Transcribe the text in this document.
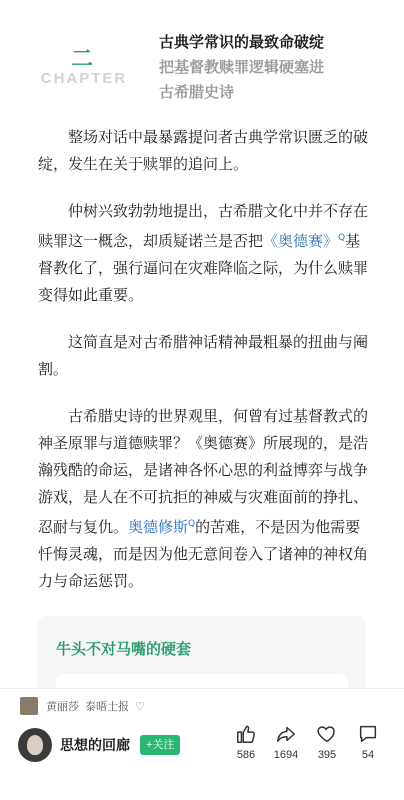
二
CHAPTER
古典学常识的最致命破绽
把基督教赎罪逻辑硬塞进
古希腊史诗

整场对话中最暴露提问者古典学常识匮乏的破绽，发生在关于赎罪的追问上。

仲树兴致勃勃地提出，古希腊文化中并不存在赎罪这一概念，却质疑诺兰是否把《奥德赛》$^Q$基督教化了，强行逼问在灾难降临之际，为什么赎罪变得如此重要。

这简直是对古希腊神话精神最粗暴的扭曲与阉割。

古希腊史诗的世界观里，何曾有过基督教式的神圣原罪与道德赎罪？《奥德赛》所展现的，是浩瀚残酷的命运，是诸神各怀心思的利益博弈与战争游戏，是人在不可抗拒的神威与灾难面前的挣扎、忍耐与复仇。奥德修斯$^Q$的苦难，不是因为他需要忏悔灵魂，而是因为他无意间卷入了诸神的神权角力与命运惩罚。

牛头不对马嘴的硬套
黄丽莎 泰晤士报 ♡
思想的回廊	+关注
586	1694	395	54
